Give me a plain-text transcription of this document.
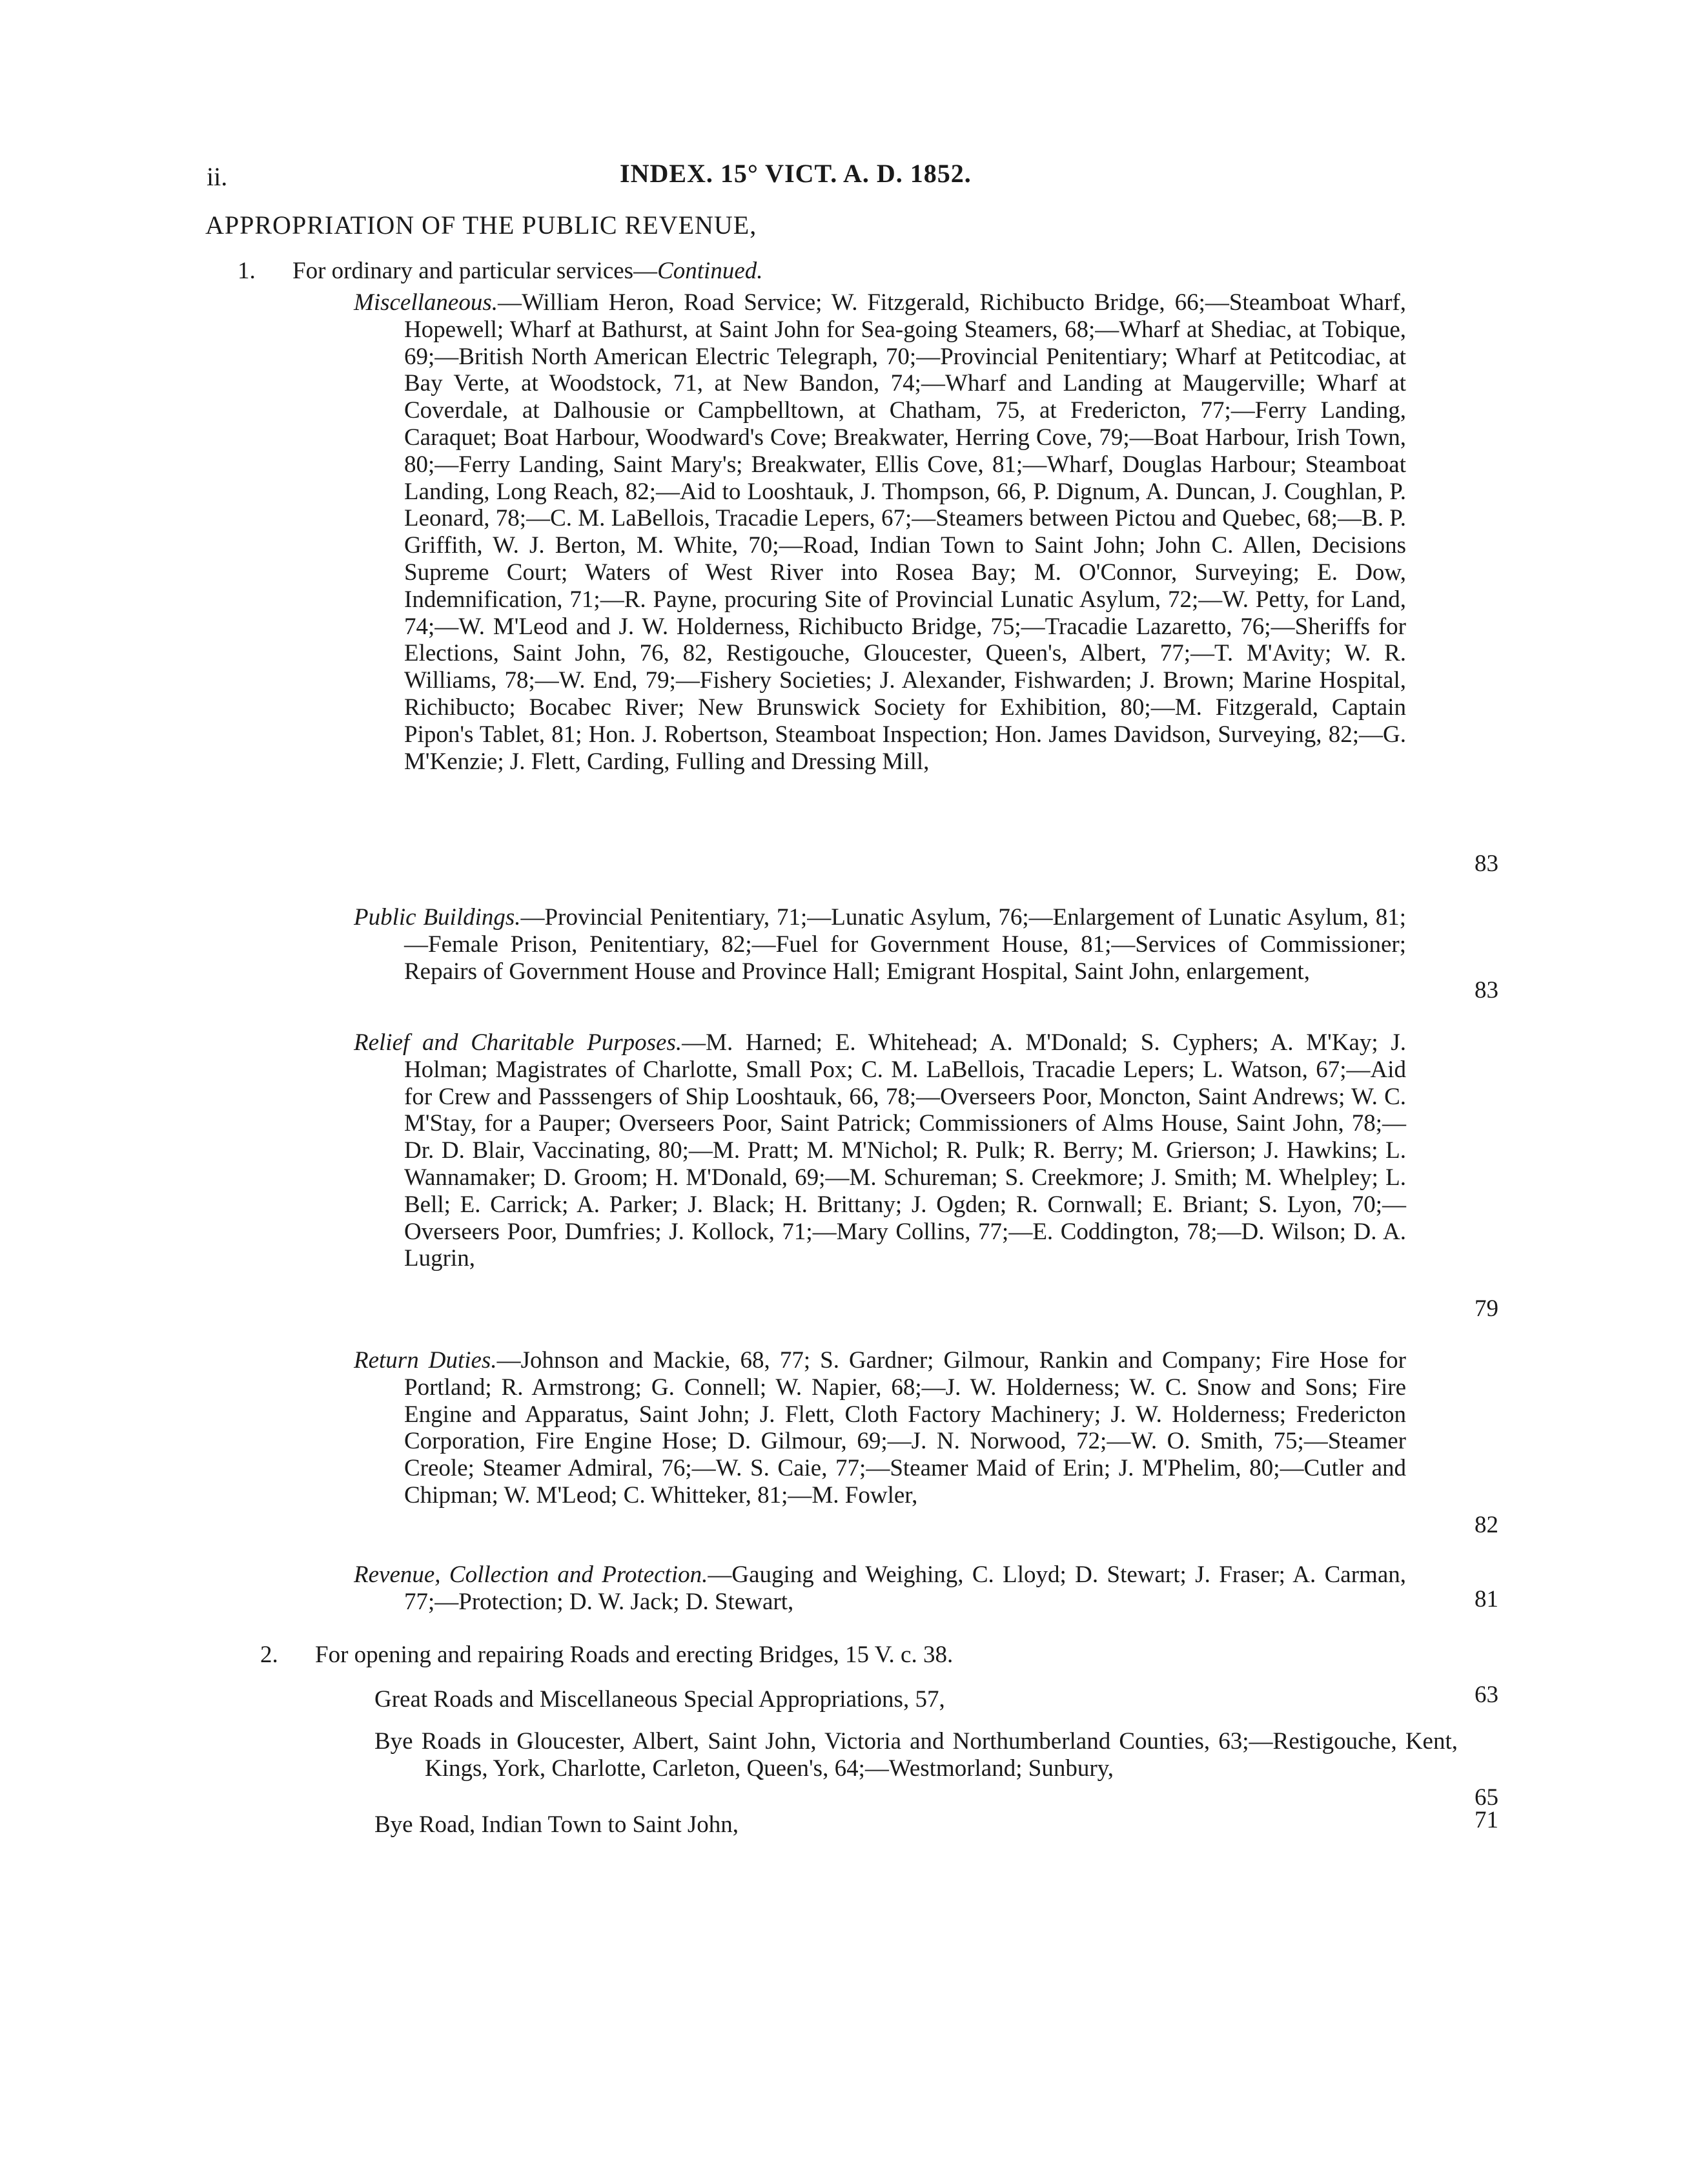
ii.	INDEX. 15° VICT. A. D. 1852.
APPROPRIATION OF THE PUBLIC REVENUE,
1. For ordinary and particular services—Continued.
Miscellaneous.—William Heron, Road Service; W. Fitzgerald, Richibucto Bridge, 66;—Steamboat Wharf, Hopewell; Wharf at Bathurst, at Saint John for Sea-going Steamers, 68;—Wharf at Shediac, at Tobique, 69;—British North American Electric Telegraph, 70;—Provincial Penitentiary; Wharf at Petitcodiac, at Bay Verte, at Woodstock, 71, at New Bandon, 74;—Wharf and Landing at Maugerville; Wharf at Coverdale, at Dalhousie or Campbelltown, at Chatham, 75, at Fredericton, 77;—Ferry Landing, Caraquet; Boat Harbour, Woodward's Cove; Breakwater, Herring Cove, 79;—Boat Harbour, Irish Town, 80;—Ferry Landing, Saint Mary's; Breakwater, Ellis Cove, 81;—Wharf, Douglas Harbour; Steamboat Landing, Long Reach, 82;—Aid to Looshtauk, J. Thompson, 66, P. Dignum, A. Duncan, J. Coughlan, P. Leonard, 78;—C. M. LaBellois, Tracadie Lepers, 67;—Steamers between Pictou and Quebec, 68;—B. P. Griffith, W. J. Berton, M. White, 70;—Road, Indian Town to Saint John; John C. Allen, Decisions Supreme Court; Waters of West River into Rosea Bay; M. O'Connor, Surveying; E. Dow, Indemnification, 71;—R. Payne, procuring Site of Provincial Lunatic Asylum, 72;—W. Petty, for Land, 74;—W. M'Leod and J. W. Holderness, Richibucto Bridge, 75;—Tracadie Lazaretto, 76;—Sheriffs for Elections, Saint John, 76, 82, Restigouche, Gloucester, Queen's, Albert, 77;—T. M'Avity; W. R. Williams, 78;—W. End, 79;—Fishery Societies; J. Alexander, Fishwarden; J. Brown; Marine Hospital, Richibucto; Bocabec River; New Brunswick Society for Exhibition, 80;—M. Fitzgerald, Captain Pipon's Tablet, 81; Hon. J. Robertson, Steamboat Inspection; Hon. James Davidson, Surveying, 82;—G. M'Kenzie; J. Flett, Carding, Fulling and Dressing Mill,
83
Public Buildings.—Provincial Penitentiary, 71;—Lunatic Asylum, 76;—Enlargement of Lunatic Asylum, 81;—Female Prison, Penitentiary, 82;—Fuel for Government House, 81;—Services of Commissioner; Repairs of Government House and Province Hall; Emigrant Hospital, Saint John, enlargement,
83
Relief and Charitable Purposes.—M. Harned; E. Whitehead; A. M'Donald; S. Cyphers; A. M'Kay; J. Holman; Magistrates of Charlotte, Small Pox; C. M. LaBellois, Tracadie Lepers; L. Watson, 67;—Aid for Crew and Passsengers of Ship Looshtauk, 66, 78;—Overseers Poor, Moncton, Saint Andrews; W. C. M'Stay, for a Pauper; Overseers Poor, Saint Patrick; Commissioners of Alms House, Saint John, 78;—Dr. D. Blair, Vaccinating, 80;—M. Pratt; M. M'Nichol; R. Pulk; R. Berry; M. Grierson; J. Hawkins; L. Wannamaker; D. Groom; H. M'Donald, 69;—M. Schureman; S. Creekmore; J. Smith; M. Whelpley; L. Bell; E. Carrick; A. Parker; J. Black; H. Brittany; J. Ogden; R. Cornwall; E. Briant; S. Lyon, 70;—Overseers Poor, Dumfries; J. Kollock, 71;—Mary Collins, 77;—E. Coddington, 78;—D. Wilson; D. A. Lugrin,
79
Return Duties.—Johnson and Mackie, 68, 77; S. Gardner; Gilmour, Rankin and Company; Fire Hose for Portland; R. Armstrong; G. Connell; W. Napier, 68;—J. W. Holderness; W. C. Snow and Sons; Fire Engine and Apparatus, Saint John; J. Flett, Cloth Factory Machinery; J. W. Holderness; Fredericton Corporation, Fire Engine Hose; D. Gilmour, 69;—J. N. Norwood, 72;—W. O. Smith, 75;—Steamer Creole; Steamer Admiral, 76;—W. S. Caie, 77;—Steamer Maid of Erin; J. M'Phelim, 80;—Cutler and Chipman; W. M'Leod; C. Whitteker, 81;—M. Fowler,
82
Revenue, Collection and Protection.—Gauging and Weighing, C. Lloyd; D. Stewart; J. Fraser; A. Carman, 77;—Protection; D. W. Jack; D. Stewart,	81
2. For opening and repairing Roads and erecting Bridges, 15 V. c. 38.
Great Roads and Miscellaneous Special Appropriations, 57,	63
Bye Roads in Gloucester, Albert, Saint John, Victoria and Northumberland Counties, 63;—Restigouche, Kent, Kings, York, Charlotte, Carleton, Queen's, 64;—Westmorland; Sunbury,
65
Bye Road, Indian Town to Saint John,	71
